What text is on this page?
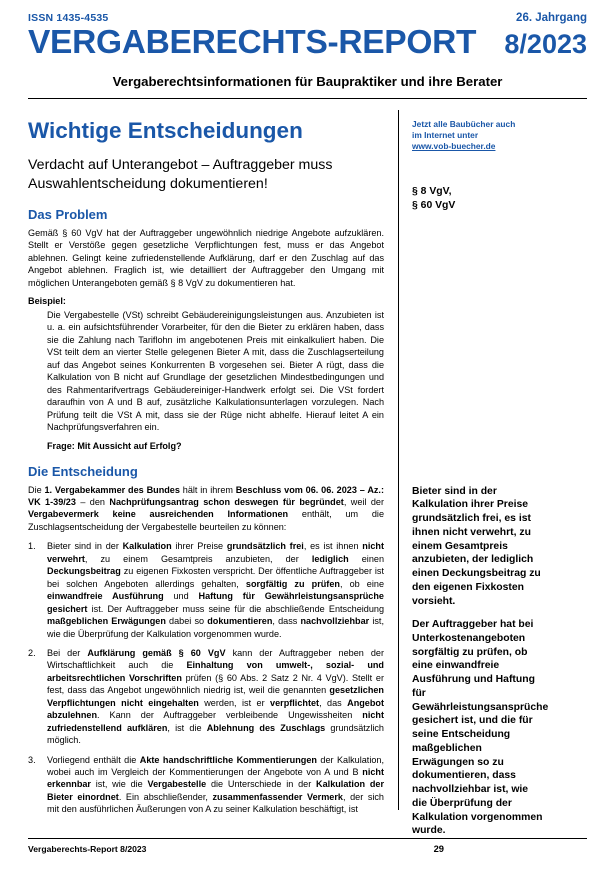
ISSN 1435-4535	26. Jahrgang
VERGABERECHTS-REPORT 8/2023
Vergaberechtsinformationen für Baupraktiker und ihre Berater
Wichtige Entscheidungen
Verdacht auf Unterangebot – Auftraggeber muss Auswahlentscheidung dokumentieren!
Das Problem

Gemäß § 60 VgV hat der Auftraggeber ungewöhnlich niedrige Angebote aufzuklären. Stellt er Verstöße gegen gesetzliche Verpflichtungen fest, muss er das Angebot ablehnen. Gelingt keine zufriedenstellende Aufklärung, darf er den Zuschlag auf das Angebot ablehnen. Fraglich ist, wie detailliert der Auftraggeber den Umgang mit möglichen Unterangeboten gemäß § 8 VgV zu dokumentieren hat.

Beispiel:

Die Vergabestelle (VSt) schreibt Gebäudereinigungsleistungen aus. Anzubieten ist u. a. ein aufsichtsführender Vorarbeiter, für den die Bieter zu erklären haben, dass sie die Zahlung nach Tariflohn im angebotenen Preis mit einkalkuliert haben. Die VSt teilt dem an vierter Stelle gelegenen Bieter A mit, dass die Zuschlagserteilung auf das Angebot seines Konkurrenten B vorgesehen sei. Bieter A rügt, dass die Kalkulation von B nicht auf Grundlage der gesetzlichen Mindestbedingungen und des Rahmentarifvertrags Gebäudereiniger-Handwerk erfolgt sei. Die VSt fordert daraufhin von A und B auf, zusätzliche Kalkulationsunterlagen vorzulegen. Nach Prüfung teilt die VSt A mit, dass sie der Rüge nicht abhelfe. Hierauf leitet A ein Nachprüfungsverfahren ein.

Frage: Mit Aussicht auf Erfolg?
Die Entscheidung

Die 1. Vergabekammer des Bundes hält in ihrem Beschluss vom 06. 06. 2023 – Az.: VK 1-39/23 – den Nachprüfungsantrag schon deswegen für begründet, weil der Vergabevermerk keine ausreichenden Informationen enthält, um die Zuschlagsentscheidung der Vergabestelle beurteilen zu können:

Bieter sind in der Kalkulation ihrer Preise grundsätzlich frei, es ist ihnen nicht verwehrt, zu einem Gesamtpreis anzubieten, der lediglich einen Deckungsbeitrag zu eigenen Fixkosten verspricht. Der öffentliche Auftraggeber ist bei solchen Angeboten allerdings gehalten, sorgfältig zu prüfen, ob eine einwandfreie Ausführung und Haftung für Gewährleistungsansprüche gesichert ist. Der Auftraggeber muss seine für die abschließende Entscheidung maßgeblichen Erwägungen dabei so dokumentieren, dass nachvollziehbar ist, wie die Überprüfung der Kalkulation vorgenommen wurde.
Bei der Aufklärung gemäß § 60 VgV kann der Auftraggeber neben der Wirtschaftlichkeit auch die Einhaltung von umwelt-, sozial- und arbeitsrechtlichen Vorschriften prüfen (§ 60 Abs. 2 Satz 2 Nr. 4 VgV). Stellt er fest, dass das Angebot ungewöhnlich niedrig ist, weil die genannten gesetzlichen Verpflichtungen nicht eingehalten werden, ist er verpflichtet, das Angebot abzulehnen. Kann der Auftraggeber verbleibende Ungewissheiten nicht zufriedenstellend aufklären, ist die Ablehnung des Zuschlags grundsätzlich möglich.
Vorliegend enthält die Akte handschriftliche Kommentierungen der Kalkulation, wobei auch im Vergleich der Kommentierungen der Angebote von A und B nicht erkennbar ist, wie die Vergabestelle die Unterschiede in der Kalkulation der Bieter einordnet. Ein abschließender, zusammenfassender Vermerk, der sich mit den ausführlichen Äußerungen von A zu seiner Kalkulation beschäftigt, ist
Jetzt alle Baubücher auch
im Internet unter
www.vob-buecher.de
§ 8 VgV,
§ 60 VgV

Bieter sind in der Kalkulation ihrer Preise grundsätzlich frei, es ist ihnen nicht verwehrt, zu einem Gesamtpreis anzubieten, der lediglich einen Deckungsbeitrag zu den eigenen Fixkosten vorsieht.

Der Auftraggeber hat bei Unterkostenangeboten sorgfältig zu prüfen, ob eine einwandfreie Ausführung und Haftung für Gewährleistungsansprüche gesichert ist, und die für seine Entscheidung maßgeblichen Erwägungen so zu dokumentieren, dass nachvollziehbar ist, wie die Überprüfung der Kalkulation vorgenommen wurde.

Vergaberechts-Report 8/2023	29
